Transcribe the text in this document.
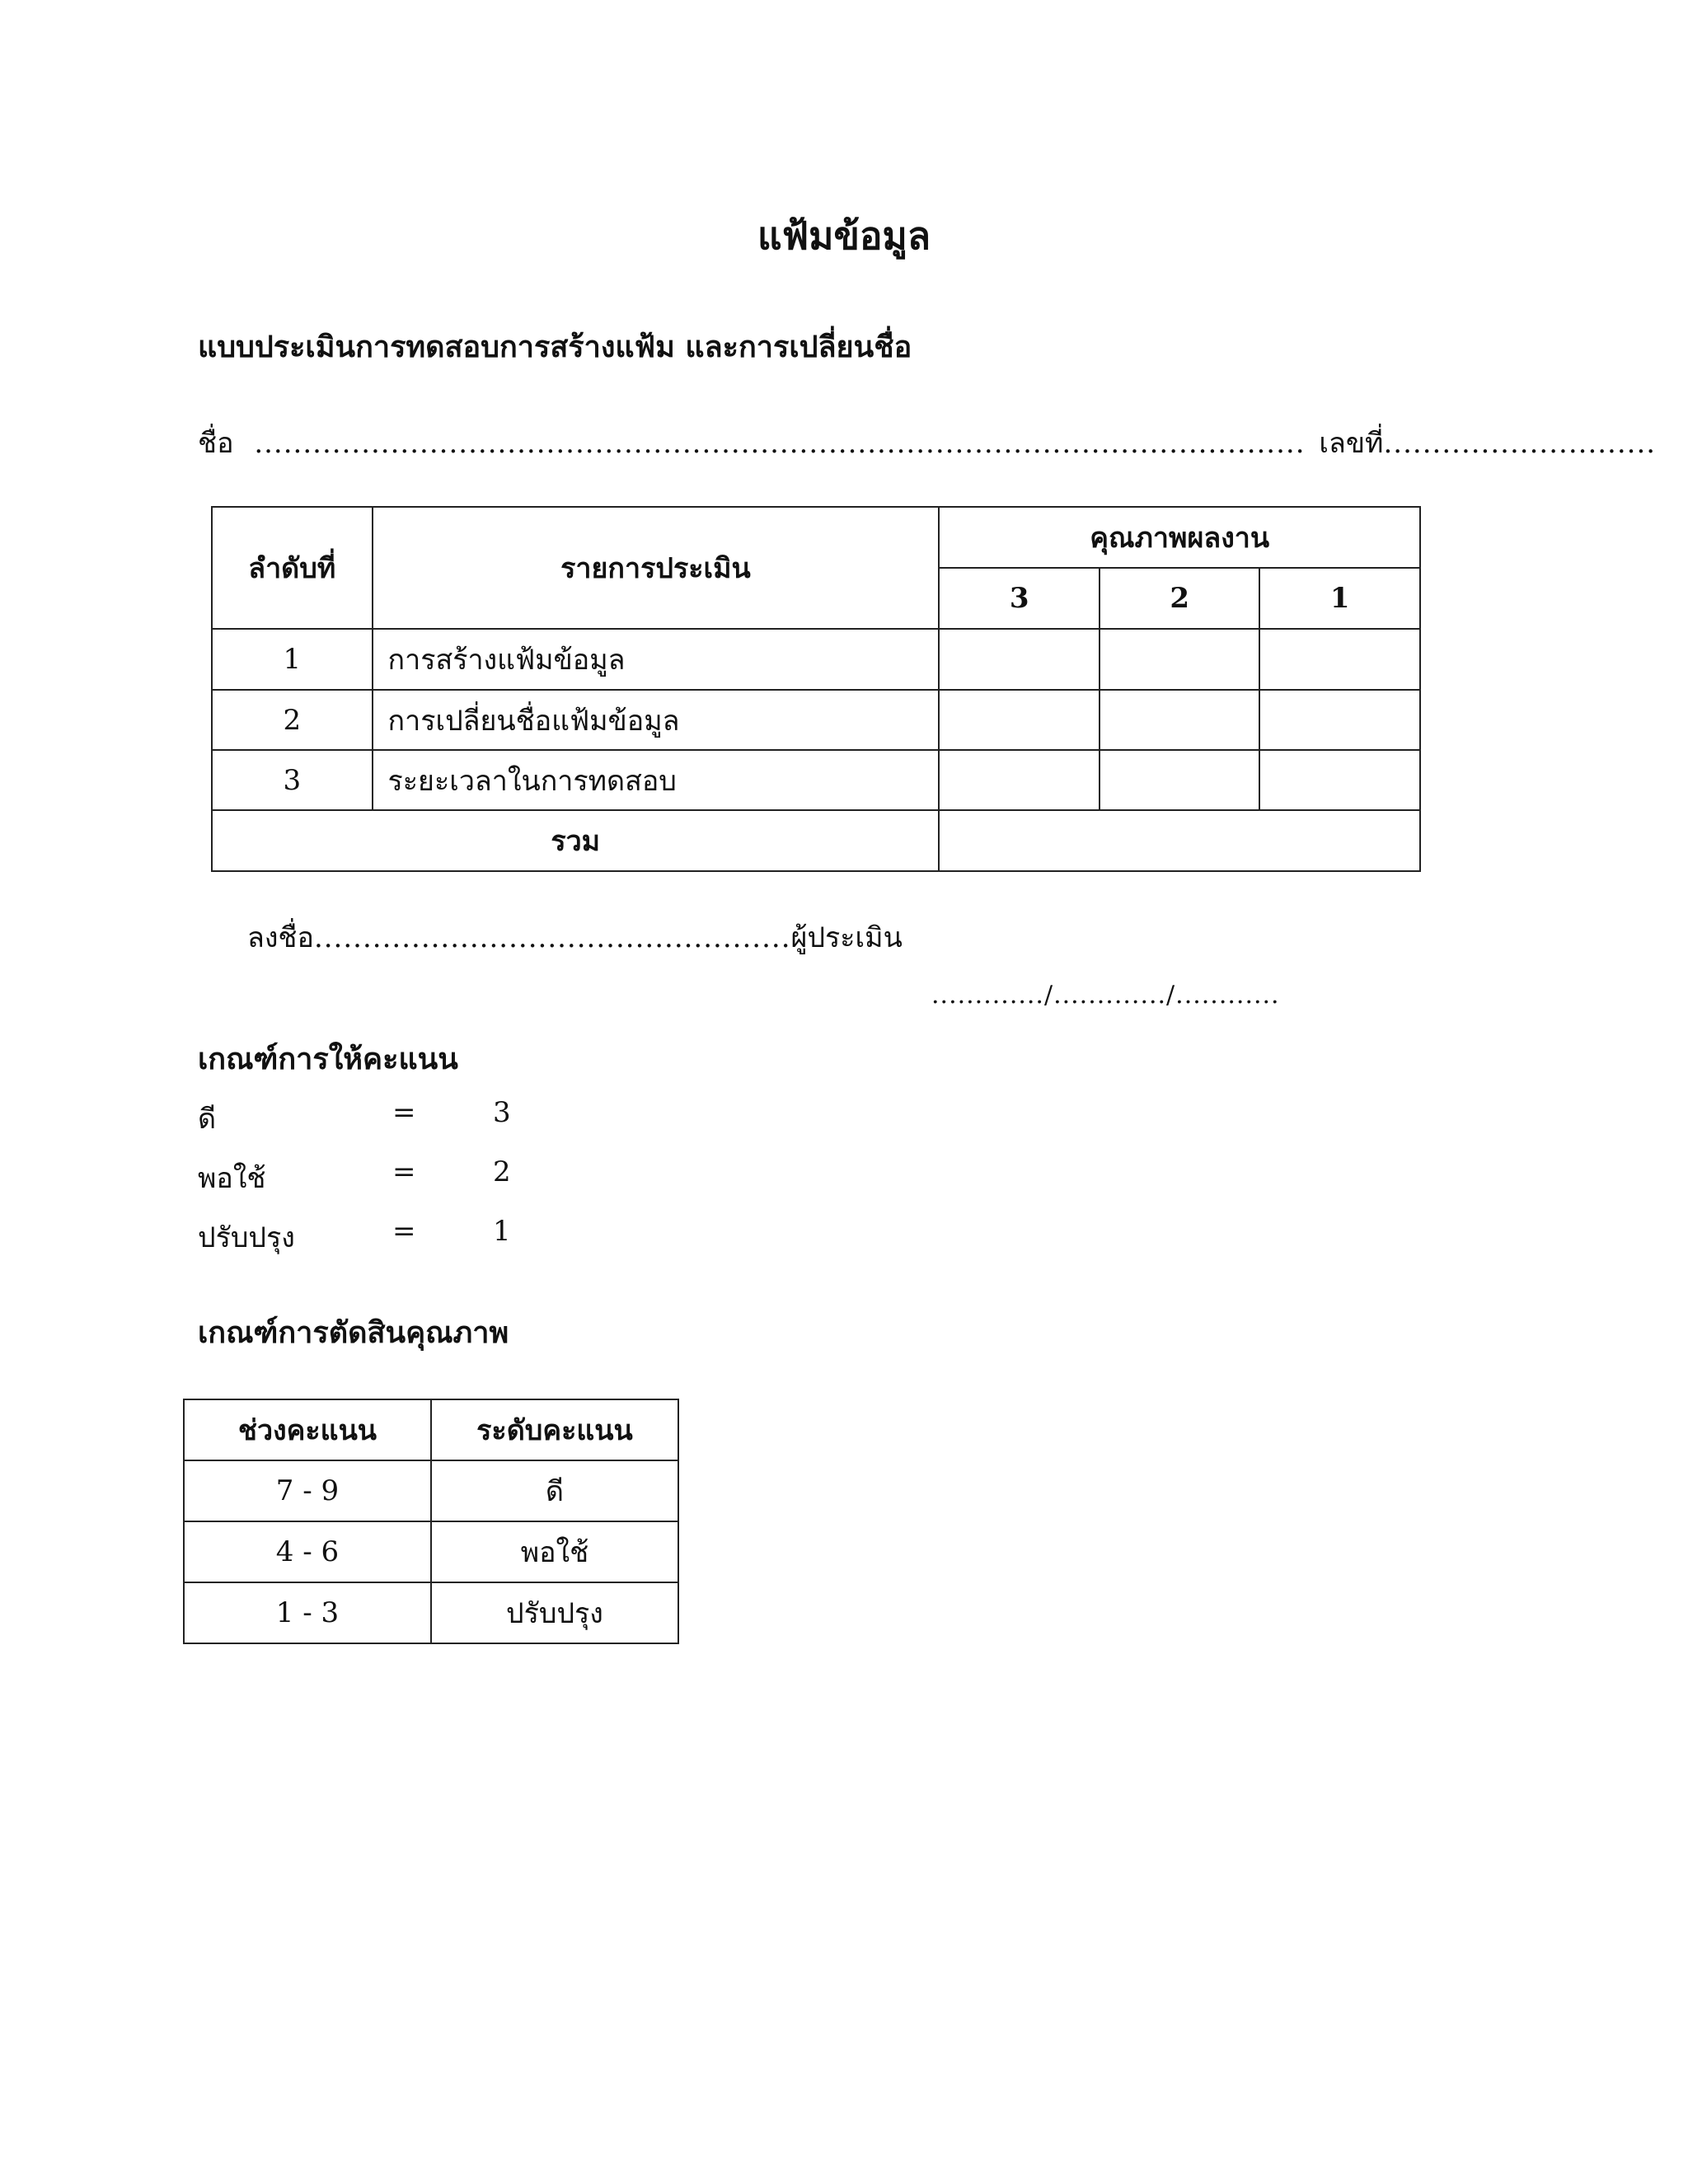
แฟ้มข้อมูล
แบบประเมินการทดสอบการสร้างแฟ้ม และการเปลี่ยนชื่อ
ชื่อ ............................................................................................................ เลขที่............................
ลำดับที่	รายการประเมิน	คุณภาพผลงาน		
		3	2	1
1	การสร้างแฟ้มข้อมูล			
2	การเปลี่ยนชื่อแฟ้มข้อมูล			
3	ระยะเวลาในการทดสอบ			
รวม				
ลงชื่อ.................................................ผู้ประเมิน
............./............./............
เกณฑ์การให้คะแนน
ดี	=	3
พอใช้	=	2
ปรับปรุง	=	1
เกณฑ์การตัดสินคุณภาพ
ช่วงคะแนน	ระดับคะแนน
7 - 9	ดี
4 - 6	พอใช้
1 - 3	ปรับปรุง
